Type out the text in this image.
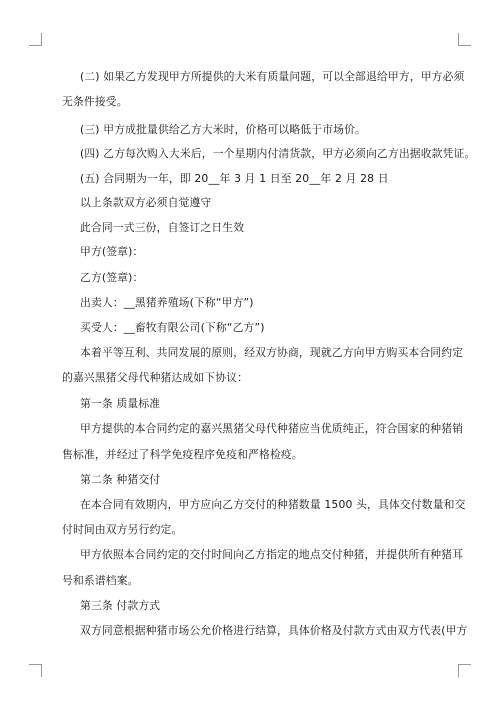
(二) 如果乙方发现甲方所提供的大米有质量问题，可以全部退给甲方，甲方必须
无条件接受。
(三) 甲方成批量供给乙方大米时，价格可以略低于市场价。
(四) 乙方每次购入大米后，一个星期内付清货款，甲方必须向乙方出据收款凭证。
(五) 合同期为一年，即 20__年 3 月 1 日至 20__年 2 月 28 日
以上条款双方必须自觉遵守
此合同一式三份，自签订之日生效
甲方(签章)：
乙方(签章)：
出卖人：__黑猪养殖场(下称“甲方”)
买受人：__畜牧有限公司(下称“乙方”)
本着平等互利、共同发展的原则，经双方协商，现就乙方向甲方购买本合同约定
的嘉兴黑猪父母代种猪达成如下协议：
第一条 质量标准
甲方提供的本合同约定的嘉兴黑猪父母代种猪应当优质纯正，符合国家的种猪销
售标准，并经过了科学免疫程序免疫和严格检疫。
第二条 种猪交付
在本合同有效期内，甲方应向乙方交付的种猪数量 1500 头，具体交付数量和交
付时间由双方另行约定。
甲方依照本合同约定的交付时间向乙方指定的地点交付种猪，并提供所有种猪耳
号和系谱档案。
第三条 付款方式
双方同意根据种猪市场公允价格进行结算，具体价格及付款方式由双方代表(甲方
